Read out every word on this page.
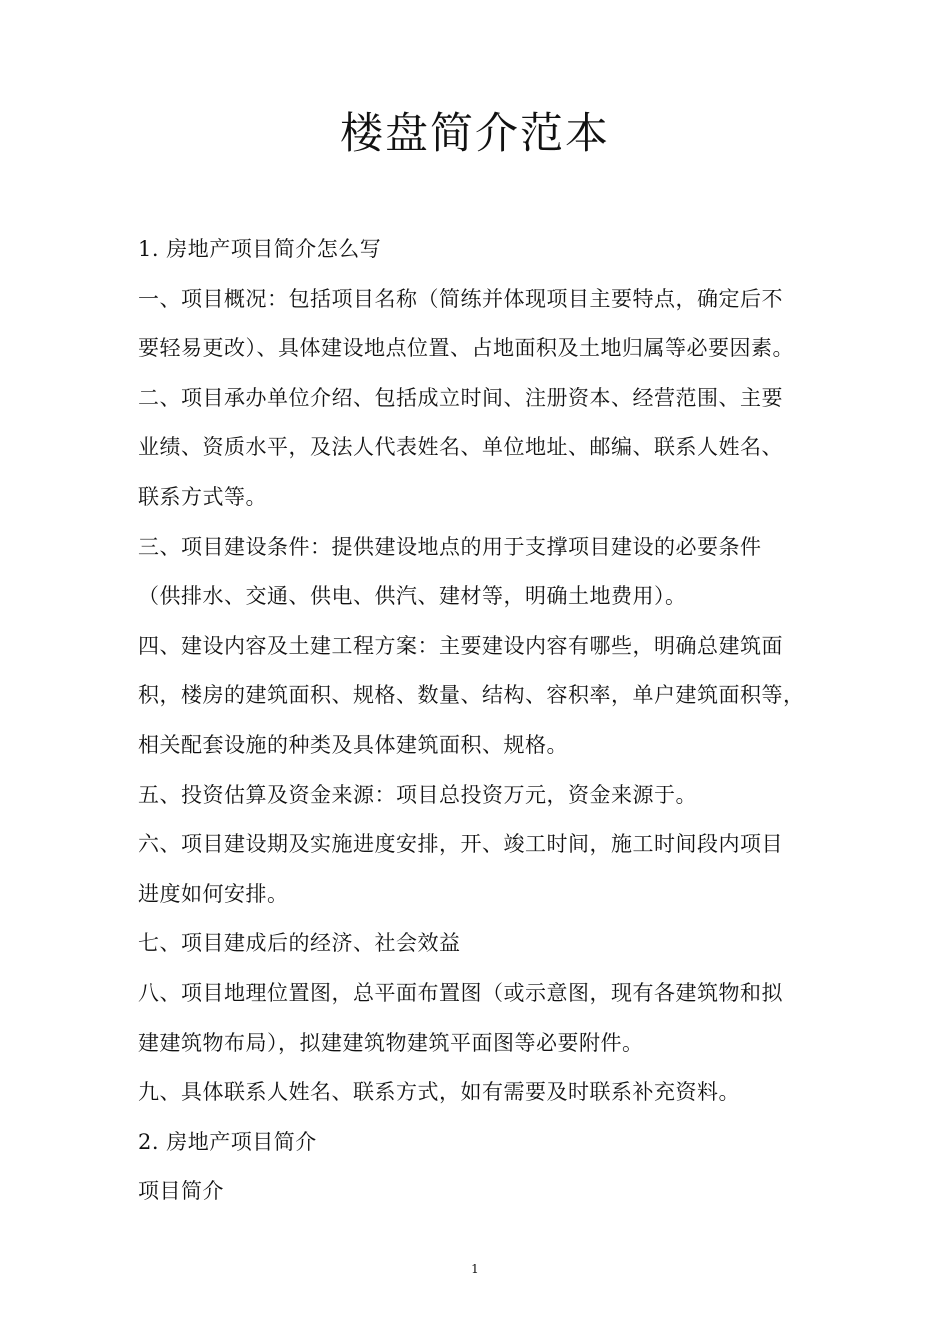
楼盘简介范本
1. 房地产项目简介怎么写
一、项目概况：包括项目名称（简练并体现项目主要特点，确定后不
要轻易更改）、具体建设地点位置、占地面积及土地归属等必要因素。
二、项目承办单位介绍、包括成立时间、注册资本、经营范围、主要
业绩、资质水平，及法人代表姓名、单位地址、邮编、联系人姓名、
联系方式等。
三、项目建设条件：提供建设地点的用于支撑项目建设的必要条件
（供排水、交通、供电、供汽、建材等，明确土地费用）。
四、建设内容及土建工程方案：主要建设内容有哪些，明确总建筑面
积，楼房的建筑面积、规格、数量、结构、容积率，单户建筑面积等，
相关配套设施的种类及具体建筑面积、规格。
五、投资估算及资金来源：项目总投资万元，资金来源于。
六、项目建设期及实施进度安排，开、竣工时间，施工时间段内项目
进度如何安排。
七、项目建成后的经济、社会效益
八、项目地理位置图，总平面布置图（或示意图，现有各建筑物和拟
建建筑物布局），拟建建筑物建筑平面图等必要附件。
九、具体联系人姓名、联系方式，如有需要及时联系补充资料。
2. 房地产项目简介
项目简介
1
